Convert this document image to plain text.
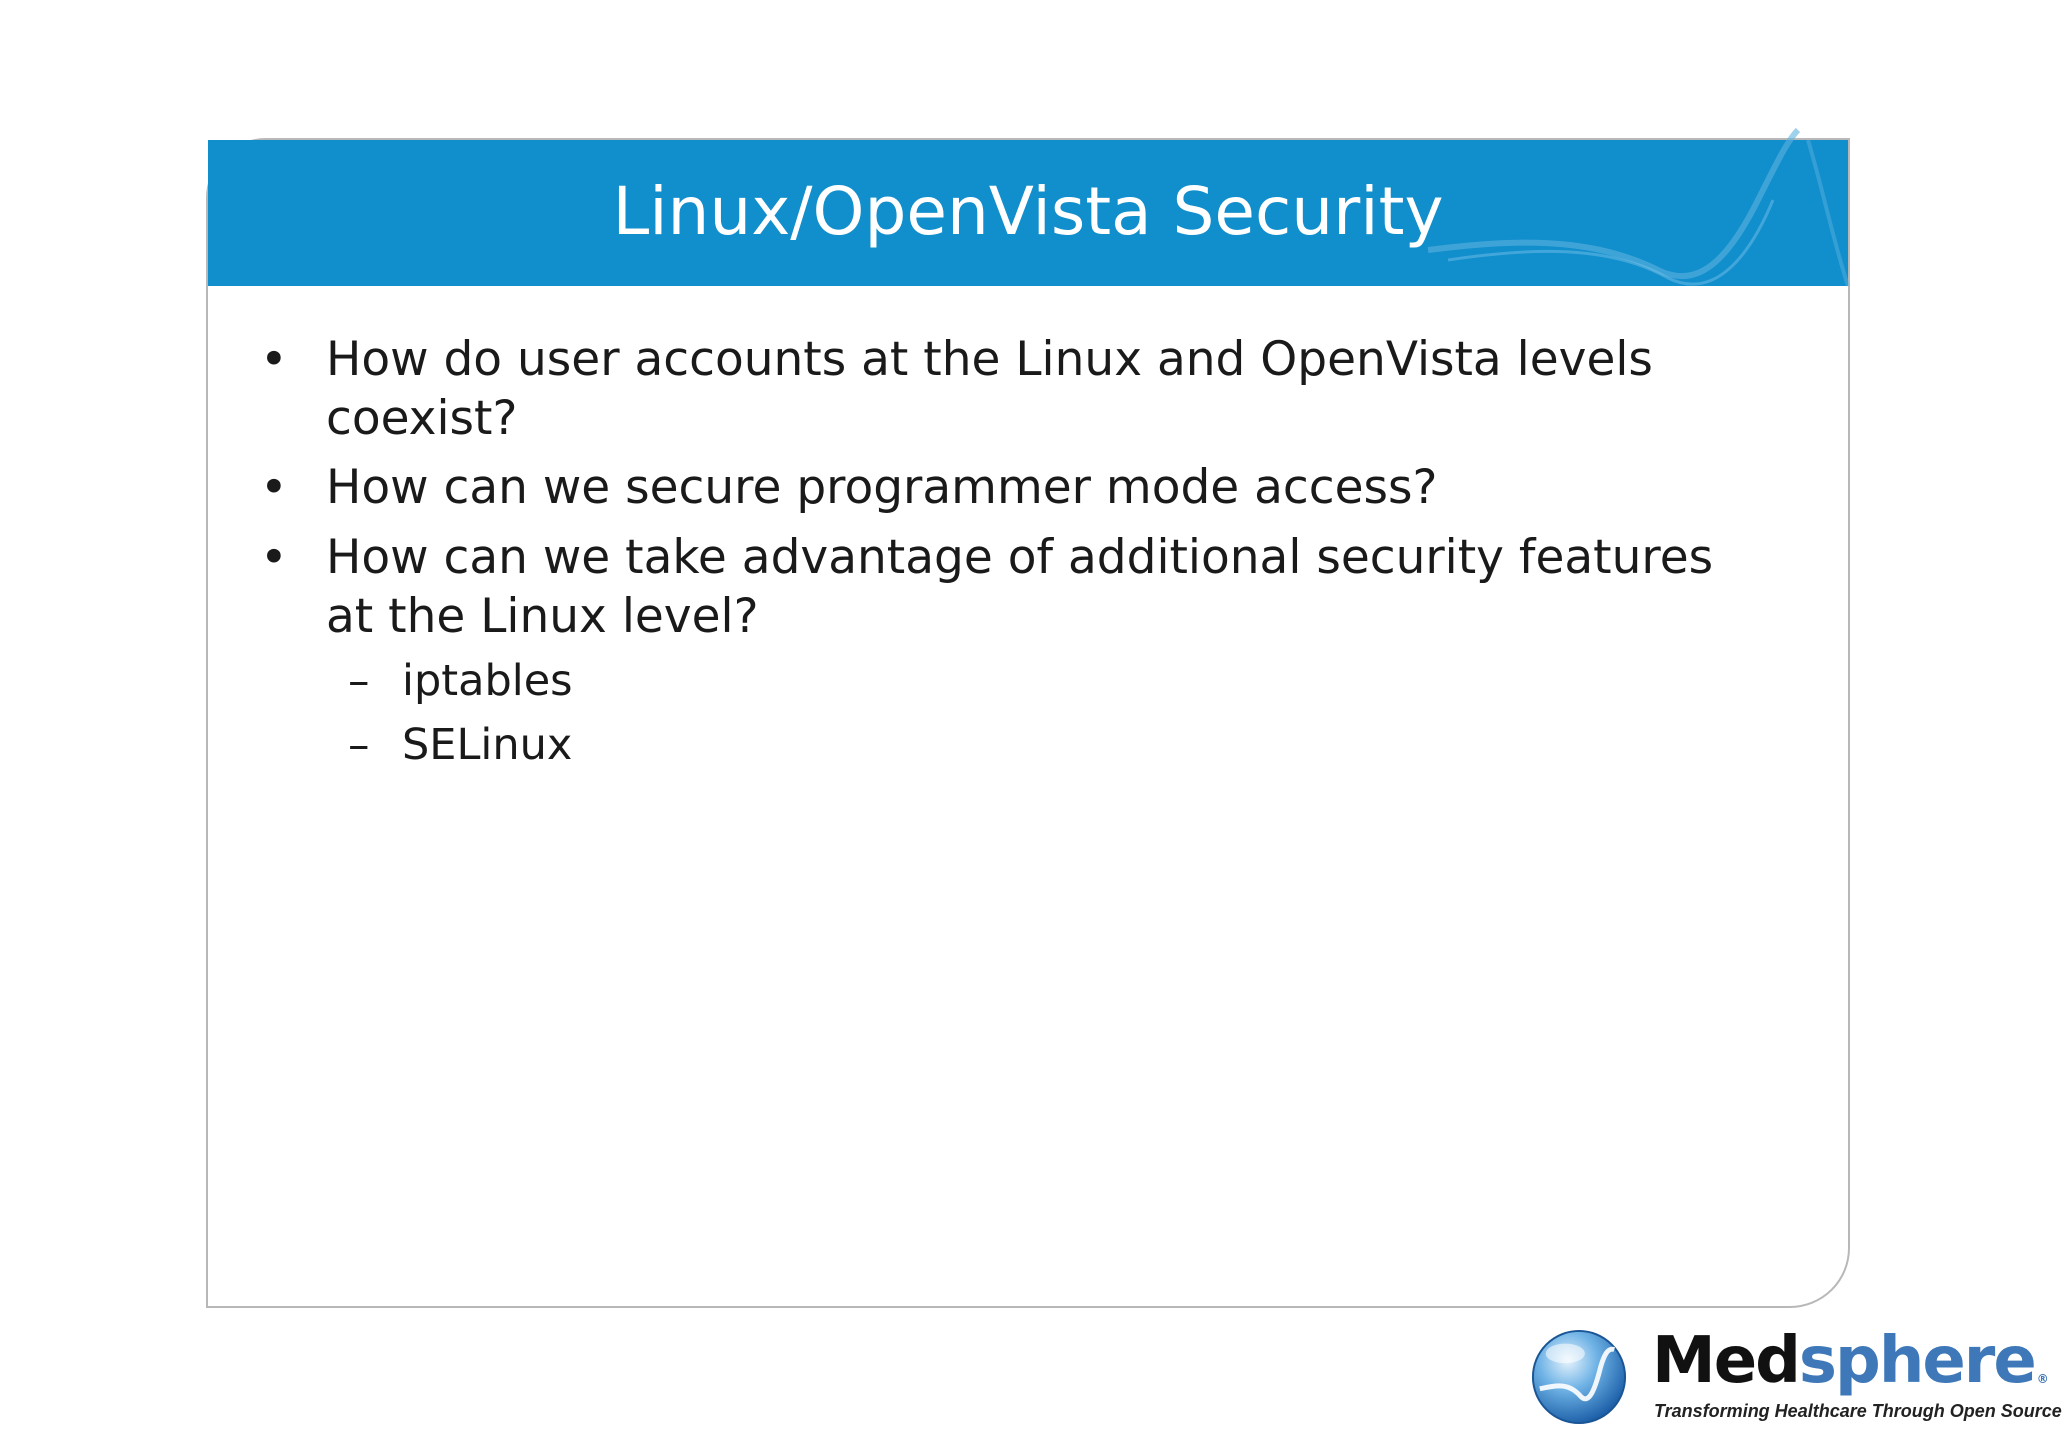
Linux/OpenVista Security
• How do user accounts at the Linux and OpenVista levels coexist?
• How can we secure programmer mode access?
• How can we take advantage of additional security features at the Linux level?
– iptables
– SELinux
Medsphere ®
Transforming Healthcare Through Open Source
